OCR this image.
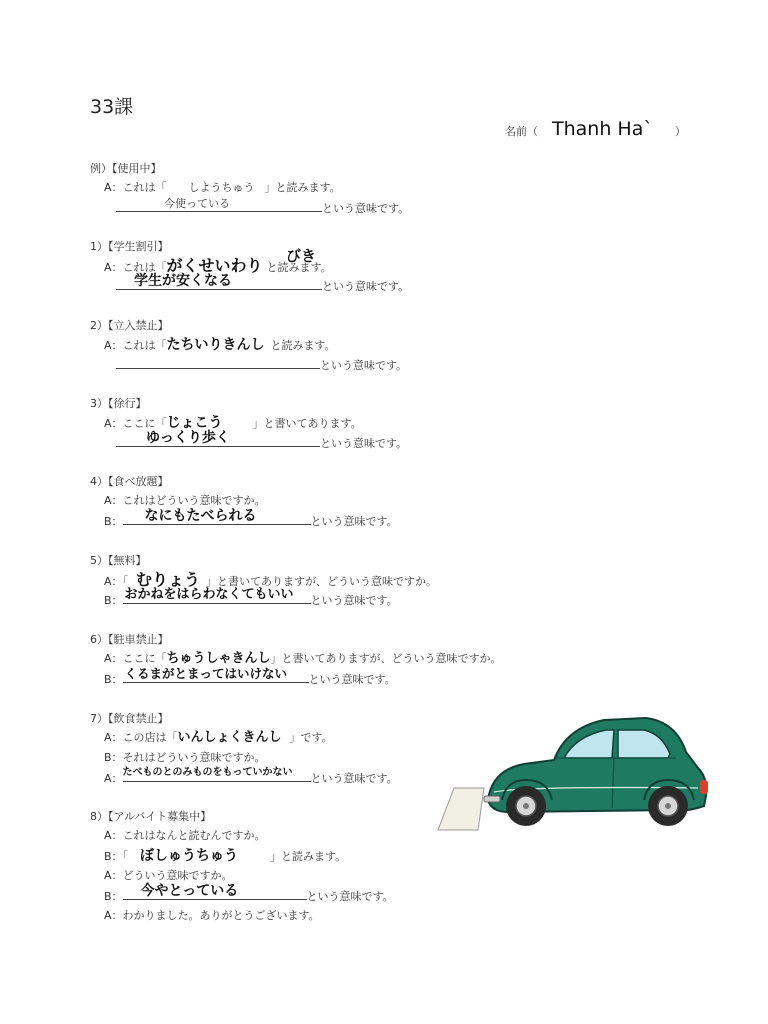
33課
名前（ Thanh Ha` ）
例）【使用中】
A：これは「 しようちゅう 」と読みます。
今使っている	という意味です。
1）【学生割引】
A：これは「がくせいわり と読みます。
びき
学生が安くなる	という意味です。
2）【立入禁止】
A：これは「たちいりきんし と読みます。
という意味です。
3）【徐行】
A：ここに「じょこう	」と書いてあります。
ゆっくり歩く	という意味です。
4）【食べ放題】
A：これはどういう意味ですか。
B： なにもたべられる	という意味です。
5）【無料】
A：「 むりょう 」と書いてありますが、どういう意味ですか。
B： おかねをはらわなくてもいい という意味です。
6）【駐車禁止】
A：ここに「ちゅうしゃきんし」と書いてありますが、どういう意味ですか。
B： くるまがとまってはいけない という意味です。
7）【飲食禁止】
A：この店は「いんしょくきんし 」です。
B：それはどういう意味ですか。
A： たべものとのみものをもっていかない という意味です。
8）【アルバイト募集中】
A：これはなんと読むんですか。
B：「 ぼしゅうちゅう	」と読みます。
A：どういう意味ですか。
B： 今やとっている	という意味です。
A：わかりました。ありがとうございます。
